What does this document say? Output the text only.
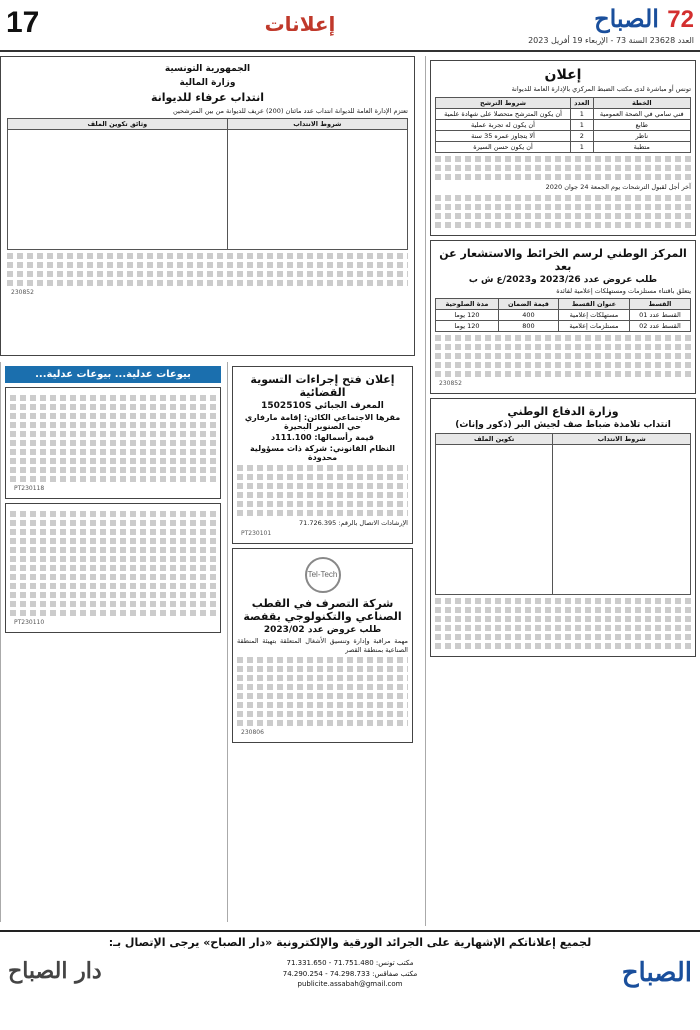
17	إعلانات	72 الصباح
العدد 23628 السنة 73 - الإربعاء 19 أفريل 2023
إعلان
تونس أو مباشرة لدى مكتب الضبط المركزي بالإدارة العامة للديوانة
الخطة	العدد	شروط الترشح
فني سامي في الصحة العمومية	1	أن يكون المترشح متحصلا على شهادة علمية
طابع	1	أن يكون له تجربة عملية
ناظر	2	ألا يتجاوز عمره 35 سنة
متطبة	1	أن يكون حسن السيرة
آخر أجل لقبول الترشحات يوم الجمعة 24 جوان 2020
المركز الوطني لرسم الخرائط والاستشعار عن بعد
طلب عروض عدد 2023/26 و2023/ع ش ب
يتعلق باقتناء مستلزمات ومستهلكات إعلامية لفائدة
القسط	عنوان القسط	قيمة الضمان	مدة الصلوحية
القسط عدد 01	مستهلكات إعلامية	400	120 يوما
القسط عدد 02	مستلزمات إعلامية	800	120 يوما
230852
وزارة الدفاع الوطني
انتداب تلامذة ضباط صف لجيش البر (ذكور وإناث)
شروط الانتداب	تكوين الملف

الجمهورية التونسية
وزارة المالية
انتداب عرفاء للديوانة
تعتزم الإدارة العامة للديوانة انتداب عدد مائتان (200) عريف للديوانة من بين المترشحين
شروط الانتداب	وثائق تكوين الملف

230852
إعلان فتح إجراءات التسوية القضائية
المعرف الجبائي 1502510S
مقرها الاجتماعي الكائن: إقامة مارفاري حي الصنوبر البحيرة
قيمة رأسمالها: 111.100د
النظام القانوني: شركة ذات مسؤولية محدودة
الإرشادات الاتصال بالرقم: 71.726.395
PT230101
Tel-Tech
شركة التصرف في القطب الصناعي والتكنولوجي بقفصة
طلب عروض عدد 2023/02
مهمة مراقبة وإدارة وتنسيق الأشغال المتعلقة بتهيئة المنطقة الصناعية بمنطقة القصر
230806
بيوعات عدلية... بيوعات عدلية...
PT230118
PT230110
لجميع إعلاناتكم الإشهارية على الجرائد الورقية والإلكترونية «دار الصباح» يرجى الإتصال بـ:
الصباح
دار الصباح	مكتب تونس: 71.751.480 - 71.331.650
مكتب صفاقس: 74.298.733 - 74.290.254
publicite.assabah@gmail.com
